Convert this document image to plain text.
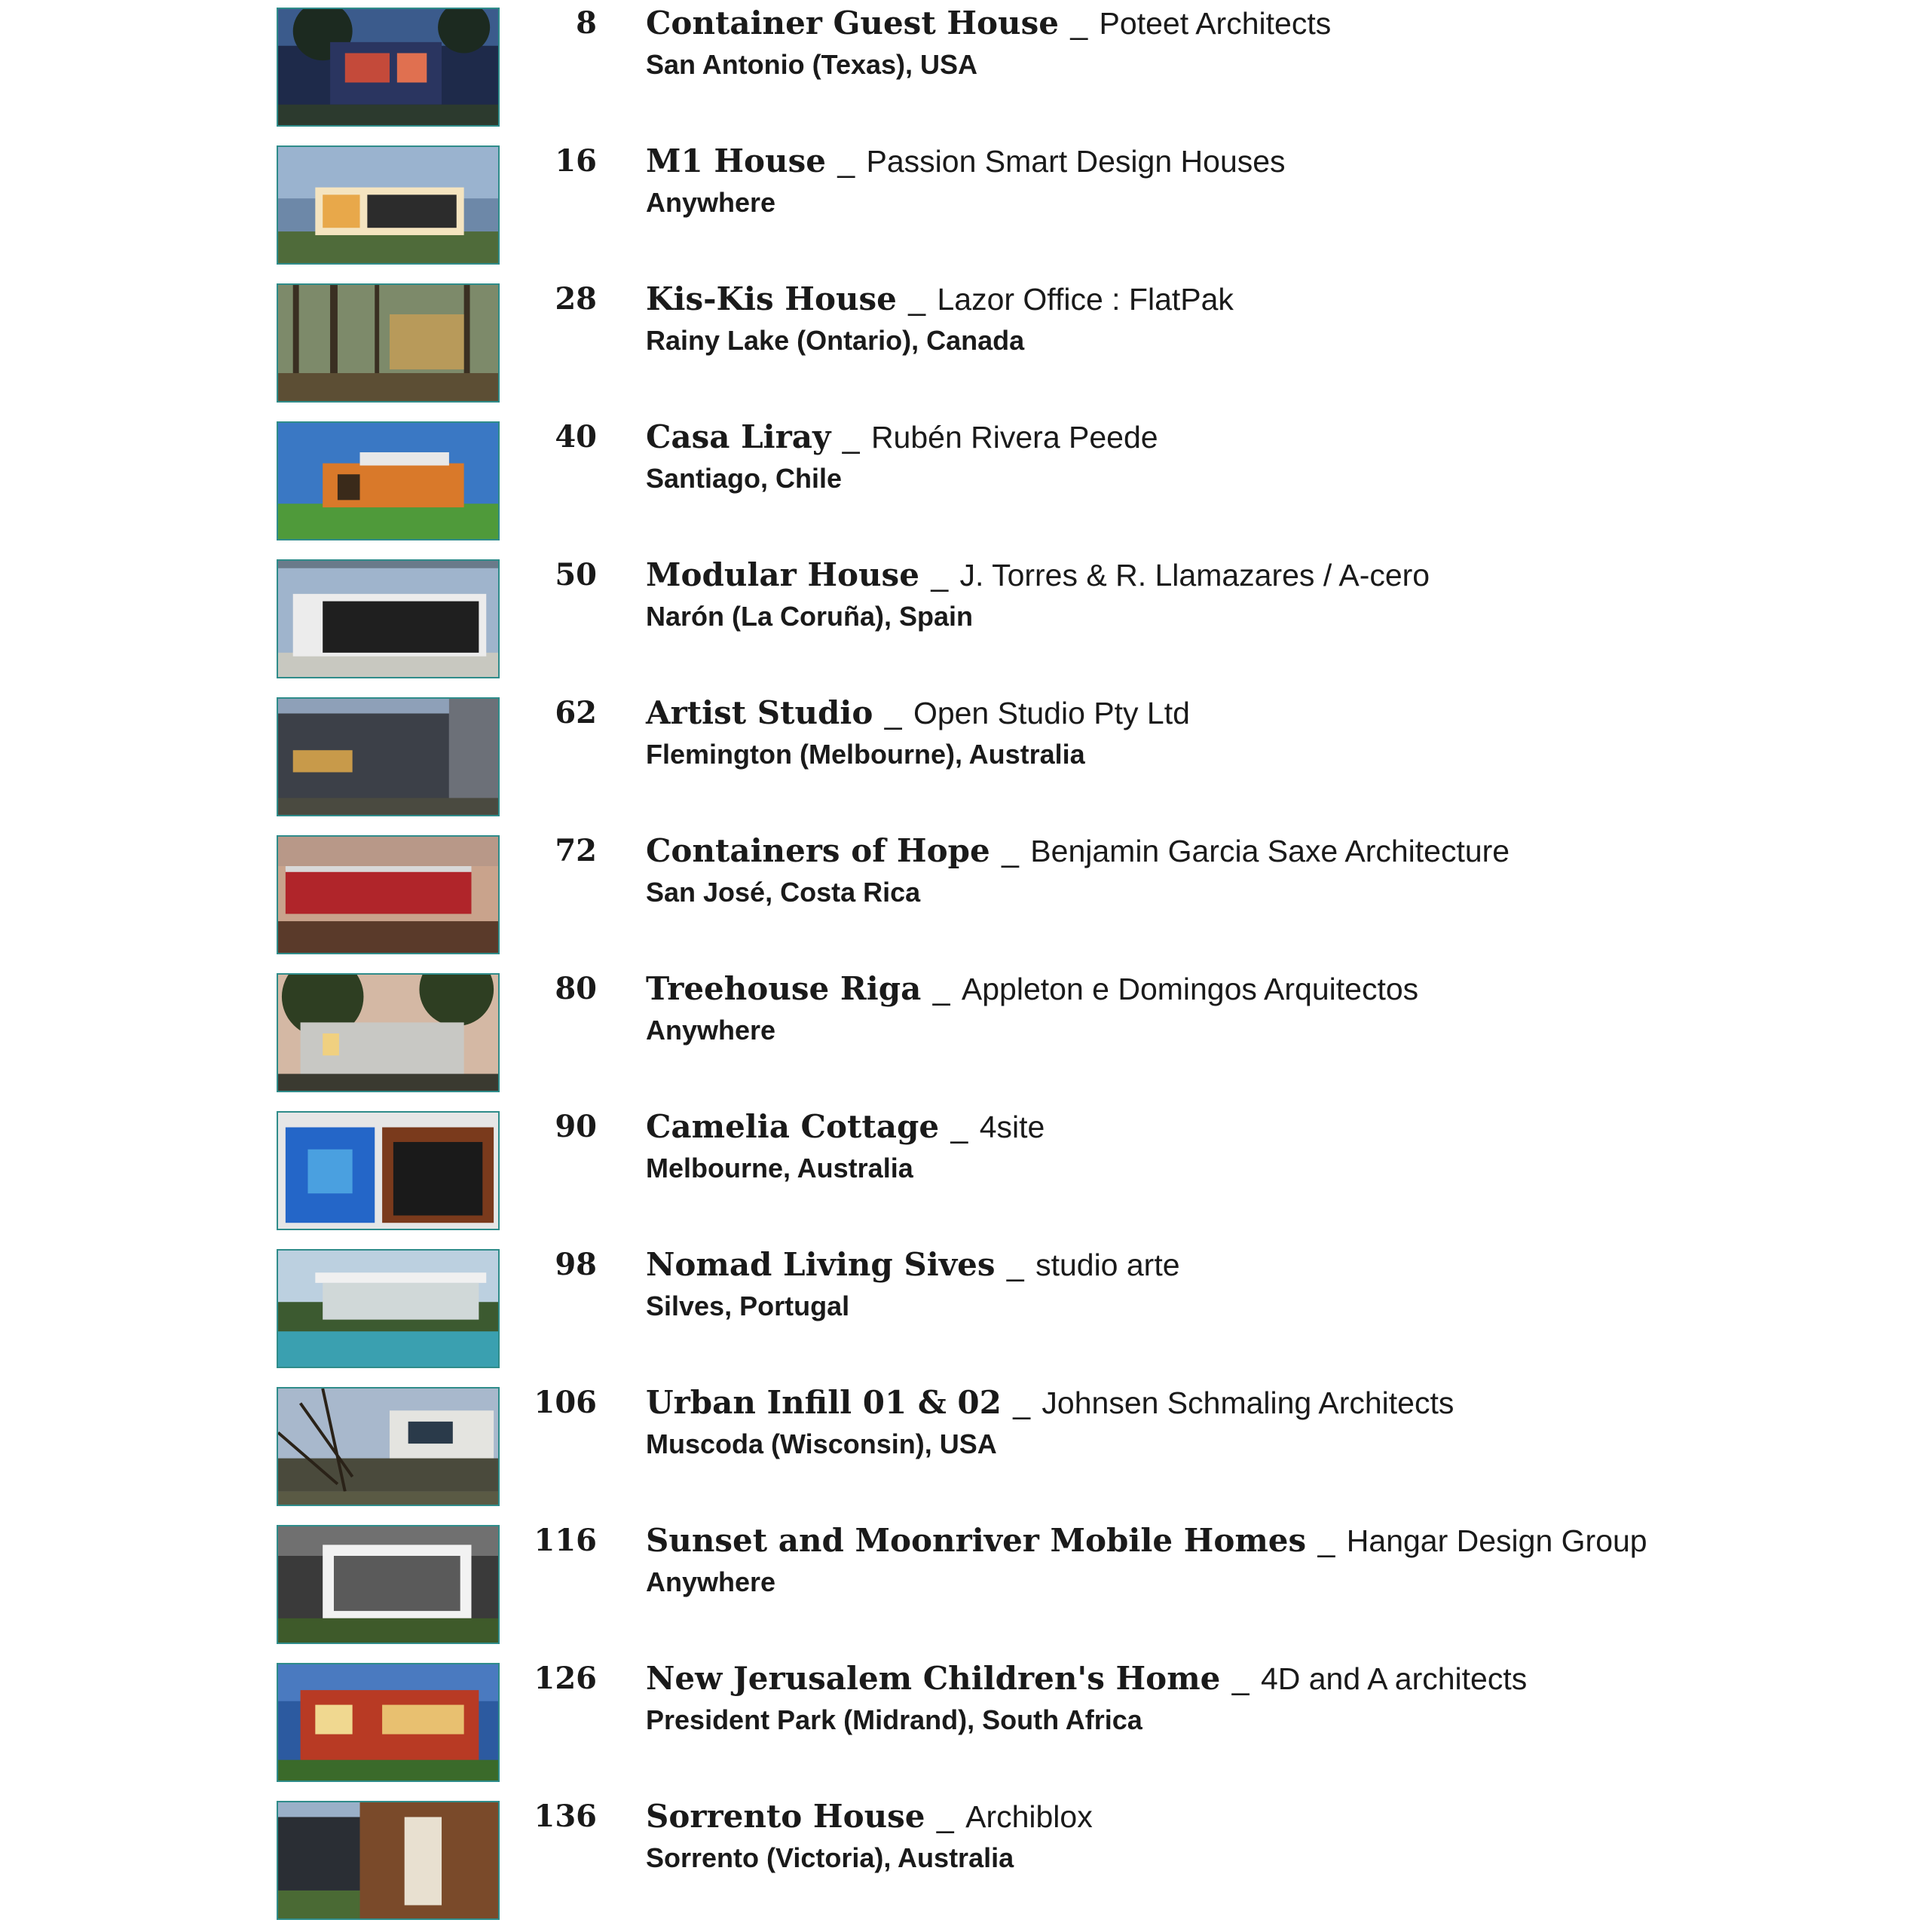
8 Container Guest House  _  Poteet Architects
San Antonio (Texas), USA
16 M1 House  _  Passion Smart Design Houses
Anywhere
28 Kis-Kis House  _  Lazor Office : FlatPak
Rainy Lake (Ontario), Canada
40 Casa Liray  _  Rubén Rivera Peede
Santiago, Chile
50 Modular House  _  J. Torres & R. Llamazares / A-cero
Narón (La Coruña), Spain
62 Artist Studio  _  Open Studio Pty Ltd
Flemington (Melbourne), Australia
72 Containers of Hope  _  Benjamin Garcia Saxe Architecture
San José, Costa Rica
80 Treehouse Riga  _  Appleton e Domingos Arquitectos
Anywhere
90 Camelia Cottage  _  4site
Melbourne, Australia
98 Nomad Living Sives  _  studio arte
Silves, Portugal
106 Urban Infill 01 & 02  _  Johnsen Schmaling Architects
Muscoda (Wisconsin), USA
116 Sunset and Moonriver Mobile Homes  _  Hangar Design Group
Anywhere
126 New Jerusalem Children's Home  _  4D and A architects
President Park (Midrand), South Africa
136 Sorrento House  _  Archiblox
Sorrento (Victoria), Australia
